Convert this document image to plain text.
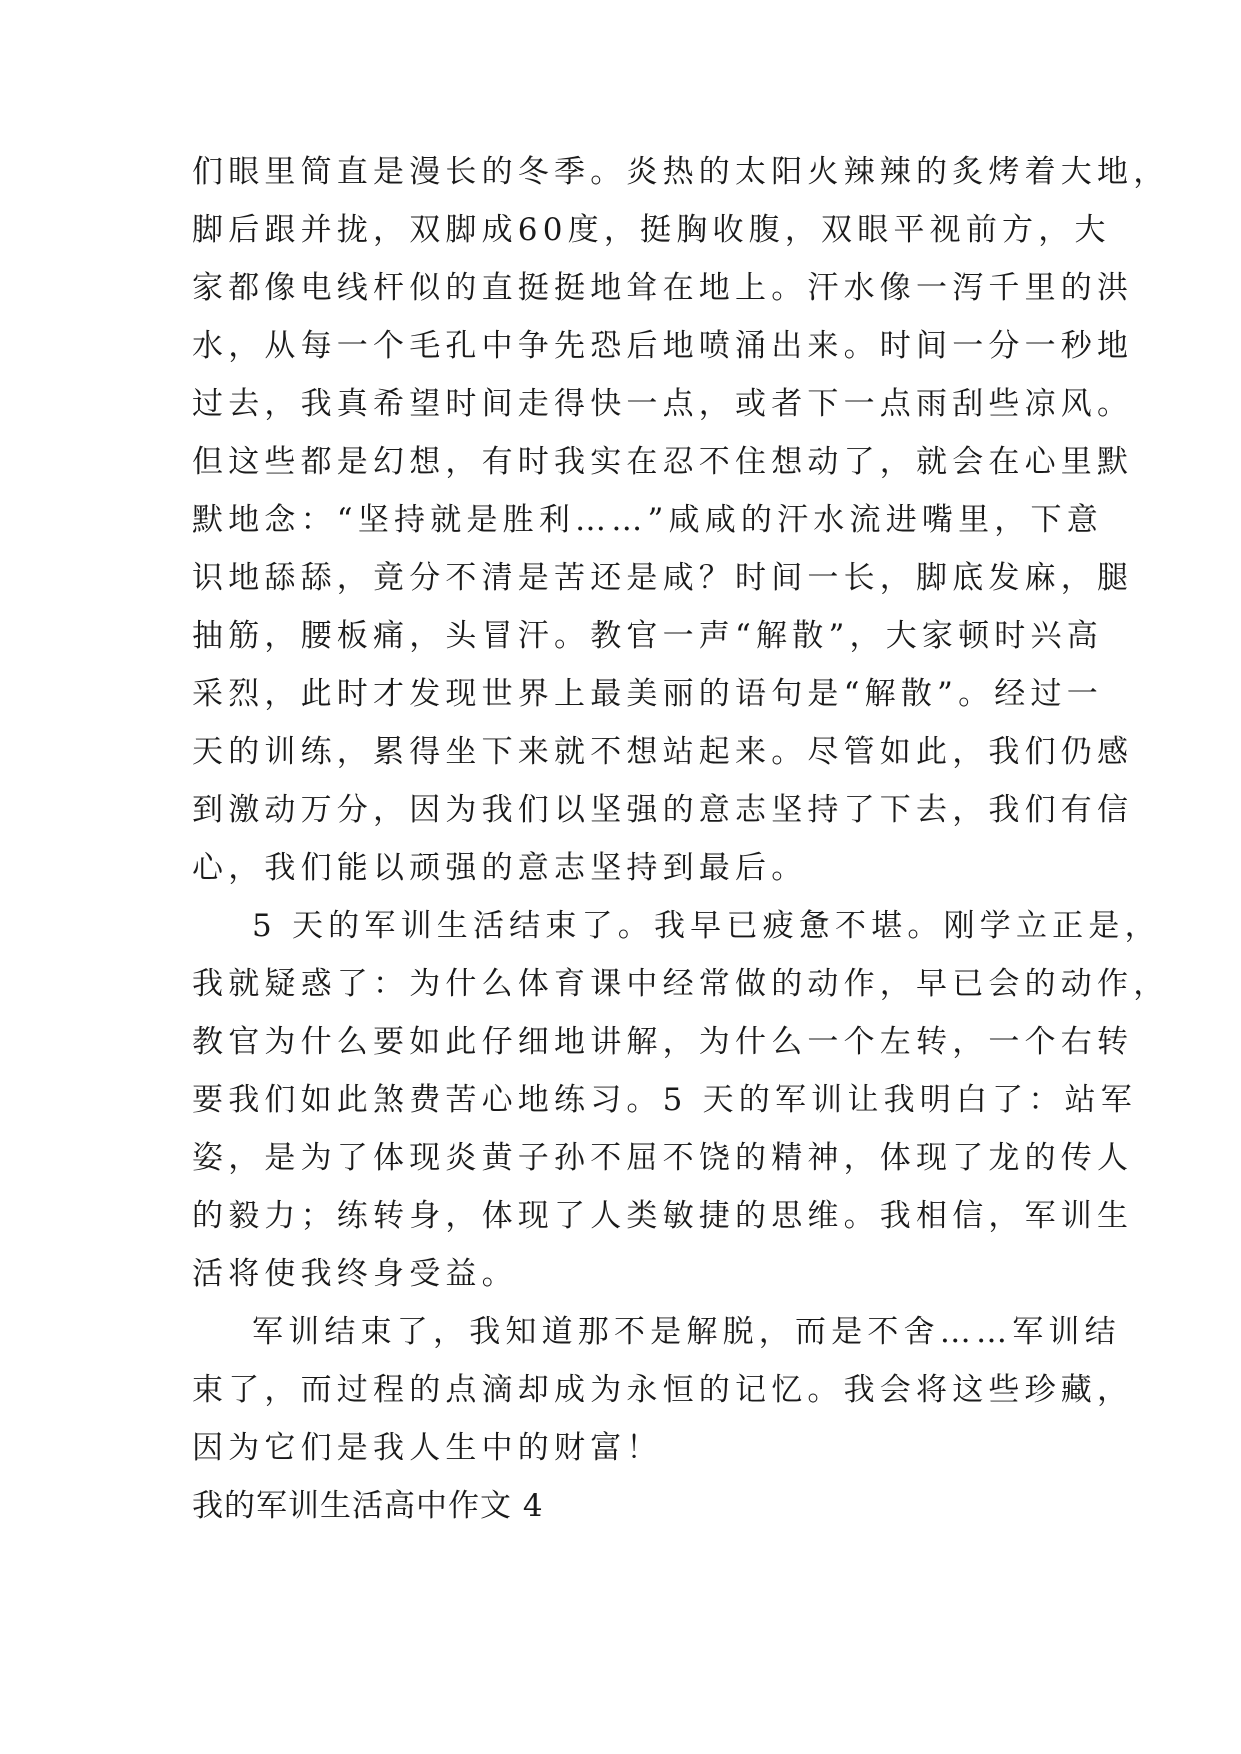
们眼里简直是漫长的冬季。炎热的太阳火辣辣的炙烤着大地，
脚后跟并拢，双脚成60度，挺胸收腹，双眼平视前方，大
家都像电线杆似的直挺挺地耸在地上。汗水像一泻千里的洪
水，从每一个毛孔中争先恐后地喷涌出来。时间一分一秒地
过去，我真希望时间走得快一点，或者下一点雨刮些凉风。
但这些都是幻想，有时我实在忍不住想动了，就会在心里默
默地念：“坚持就是胜利……”咸咸的汗水流进嘴里，下意
识地舔舔，竟分不清是苦还是咸？时间一长，脚底发麻，腿
抽筋，腰板痛，头冒汗。教官一声“解散”，大家顿时兴高
采烈，此时才发现世界上最美丽的语句是“解散”。经过一
天的训练，累得坐下来就不想站起来。尽管如此，我们仍感
到激动万分，因为我们以坚强的意志坚持了下去，我们有信
心，我们能以顽强的意志坚持到最后。
5 天的军训生活结束了。我早已疲惫不堪。刚学立正是，
我就疑惑了：为什么体育课中经常做的动作，早已会的动作，
教官为什么要如此仔细地讲解，为什么一个左转，一个右转
要我们如此煞费苦心地练习。5 天的军训让我明白了：站军
姿，是为了体现炎黄子孙不屈不饶的精神，体现了龙的传人
的毅力；练转身，体现了人类敏捷的思维。我相信，军训生
活将使我终身受益。
军训结束了，我知道那不是解脱，而是不舍……军训结
束了，而过程的点滴却成为永恒的记忆。我会将这些珍藏，
因为它们是我人生中的财富！
我的军训生活高中作文 4
